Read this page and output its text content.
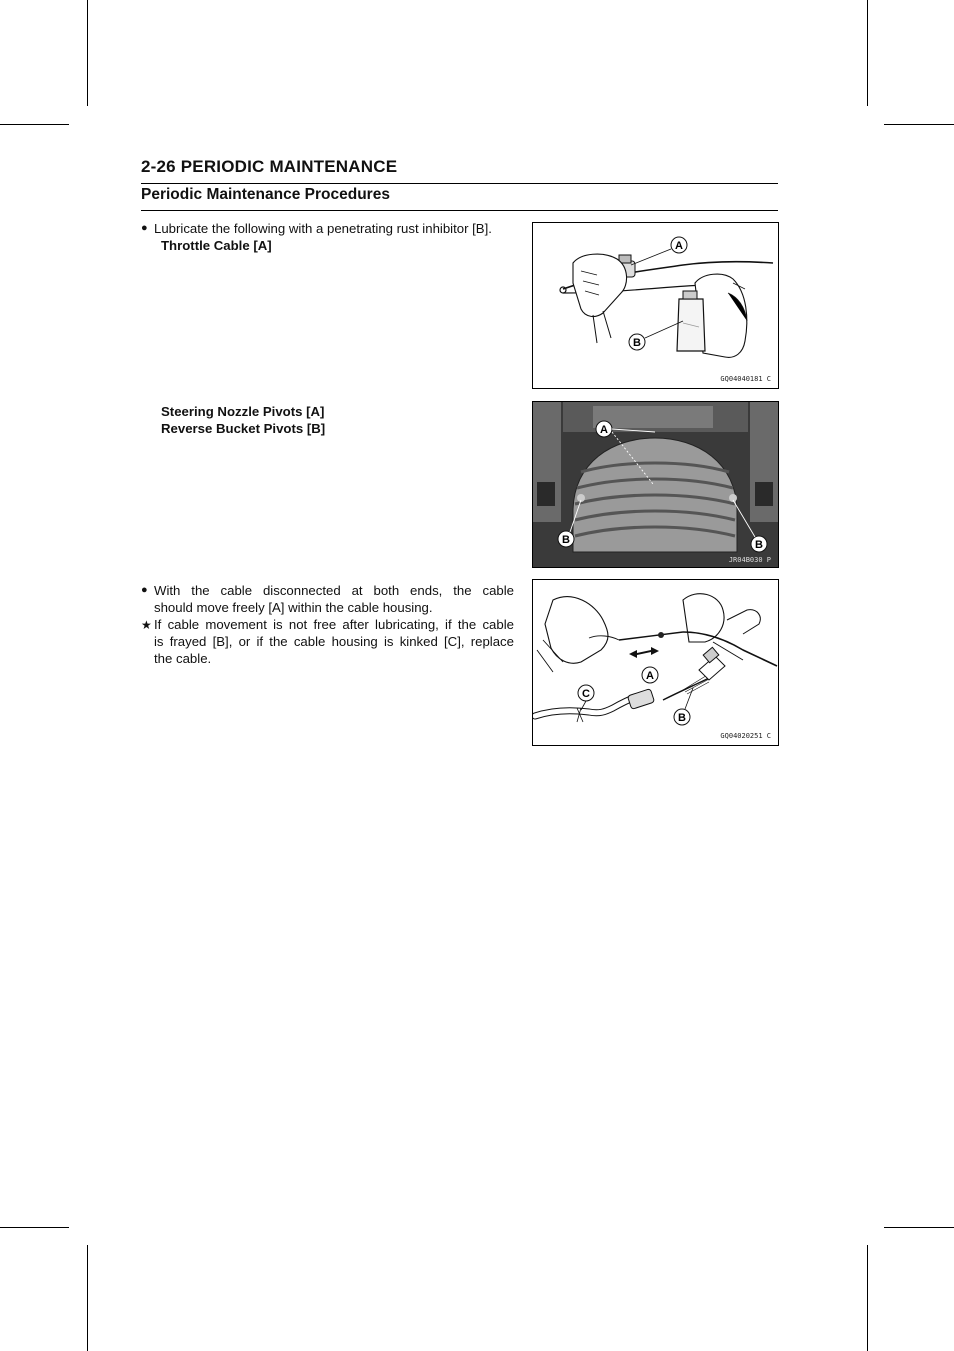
2-26 PERIODIC MAINTENANCE
Periodic Maintenance Procedures
● Lubricate the following with a penetrating rust inhibitor [B].
Throttle Cable [A]	A
B
GQ04040181 C
Steering Nozzle Pivots [A]
Reverse Bucket Pivots [B]	A
B	B
JR04B030 P
● With the cable disconnected at both ends, the cable
should move freely [A] within the cable housing.
★ If cable movement is not free after lubricating, if the cable
is frayed [B], or if the cable housing is kinked [C], replace
the cable.
A
B
C
GQ04020251 C
